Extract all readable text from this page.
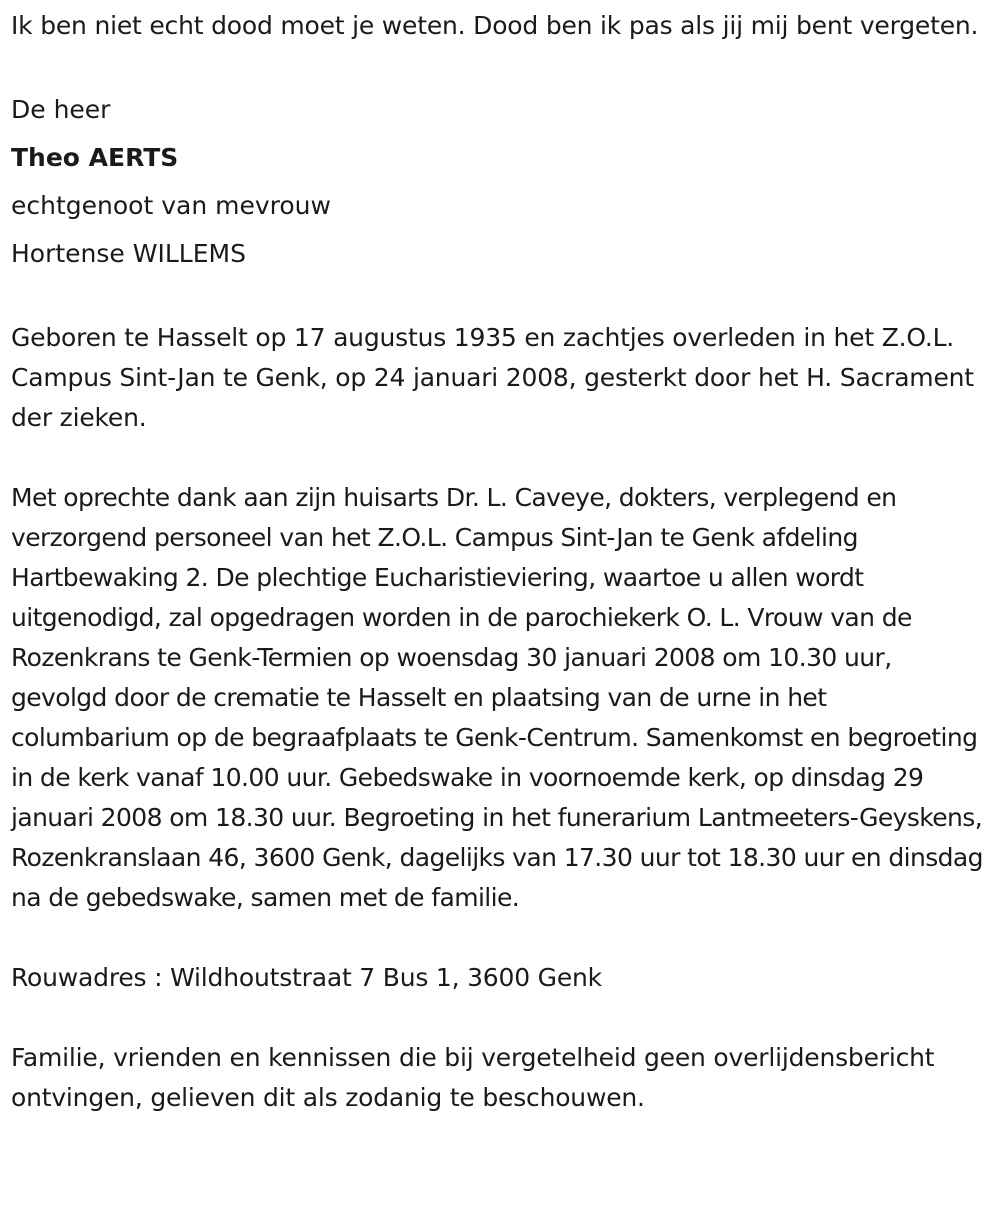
Ik ben niet echt dood moet je weten. Dood ben ik pas als jij mij bent vergeten.

De heer
Theo AERTS
echtgenoot van mevrouw
Hortense WILLEMS

Geboren te Hasselt op 17 augustus 1935 en zachtjes overleden in het Z.O.L. Campus Sint-Jan te Genk, op 24 januari 2008, gesterkt door het H. Sacrament der zieken.

Met oprechte dank aan zijn huisarts Dr. L. Caveye, dokters, verplegend en verzorgend personeel van het Z.O.L. Campus Sint-Jan te Genk afdeling Hartbewaking 2. De plechtige Eucharistieviering, waartoe u allen wordt uitgenodigd, zal opgedragen worden in de parochiekerk O. L. Vrouw van de Rozenkrans te Genk-Termien op woensdag 30 januari 2008 om 10.30 uur, gevolgd door de crematie te Hasselt en plaatsing van de urne in het columbarium op de begraafplaats te Genk-Centrum. Samenkomst en begroeting in de kerk vanaf 10.00 uur. Gebedswake in voornoemde kerk, op dinsdag 29 januari 2008 om 18.30 uur. Begroeting in het funerarium Lantmeeters-Geyskens, Rozenkranslaan 46, 3600 Genk, dagelijks van 17.30 uur tot 18.30 uur en dinsdag na de gebedswake, samen met de familie.

Rouwadres : Wildhoutstraat 7 Bus 1, 3600 Genk

Familie, vrienden en kennissen die bij vergetelheid geen overlijdensbericht ontvingen, gelieven dit als zodanig te beschouwen.
